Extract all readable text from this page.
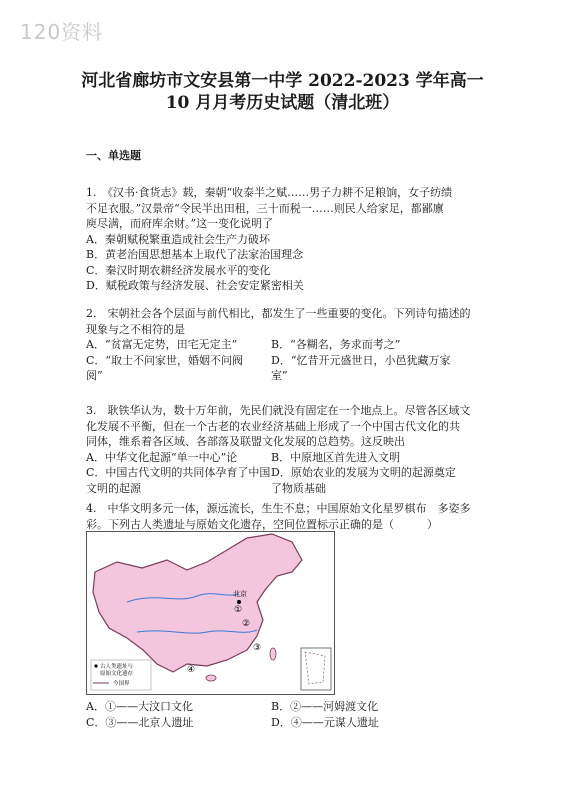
120资料
河北省廊坊市文安县第一中学 2022-2023 学年高一
10 月月考历史试题（清北班）
一、单选题

1.　《汉书·食货志》载，秦朝“收泰半之赋……男子力耕不足粮饷，女子纺绩

不足衣服。”汉景帝“令民半出田租，三十而税一……则民人给家足，都鄙廪

庾尽满，而府库余财。”这一变化说明了

A．秦朝赋税繁重造成社会生产力破坏

B．黄老治国思想基本上取代了法家治国理念

C．秦汉时期农耕经济发展水平的变化

D．赋税政策与经济发展、社会安定紧密相关

2.　宋朝社会各个层面与前代相比，都发生了一些重要的变化。下列诗句描述的

现象与之不相符的是

A．“贫富无定势，田宅无定主”	B．“各糊名，务求而考之”
C．“取士不问家世，婚姻不问阀	D．“忆昔开元盛世日，小邑犹藏万家
阅”	室”

3.　耿铁华认为，数十万年前，先民们就没有固定在一个地点上。尽管各区域文

化发展不平衡，但在一个古老的农业经济基础上形成了一个中国古代文化的共

同体，维系着各区域、各部落及联盟文化发展的总趋势。这反映出

A．中华文化起源“单一中心”论	B．中原地区首先进入文明
C．中国古代文明的共同体孕育了中国 D．原始农业的发展为文明的起源奠定
文明的起源	了物质基础

4.　中华文明多元一体，源远流长，生生不息；中国原始文化星罗棋布　多姿多

彩。下列古人类遗址与原始文化遗存，空间位置标示正确的是（　　　）

北京
①
②
③
④
古人类遗址与
原始文化遗存
今国界
A．①——大汶口文化	B．②——河姆渡文化
C．③——北京人遗址	D．④——元谋人遗址
